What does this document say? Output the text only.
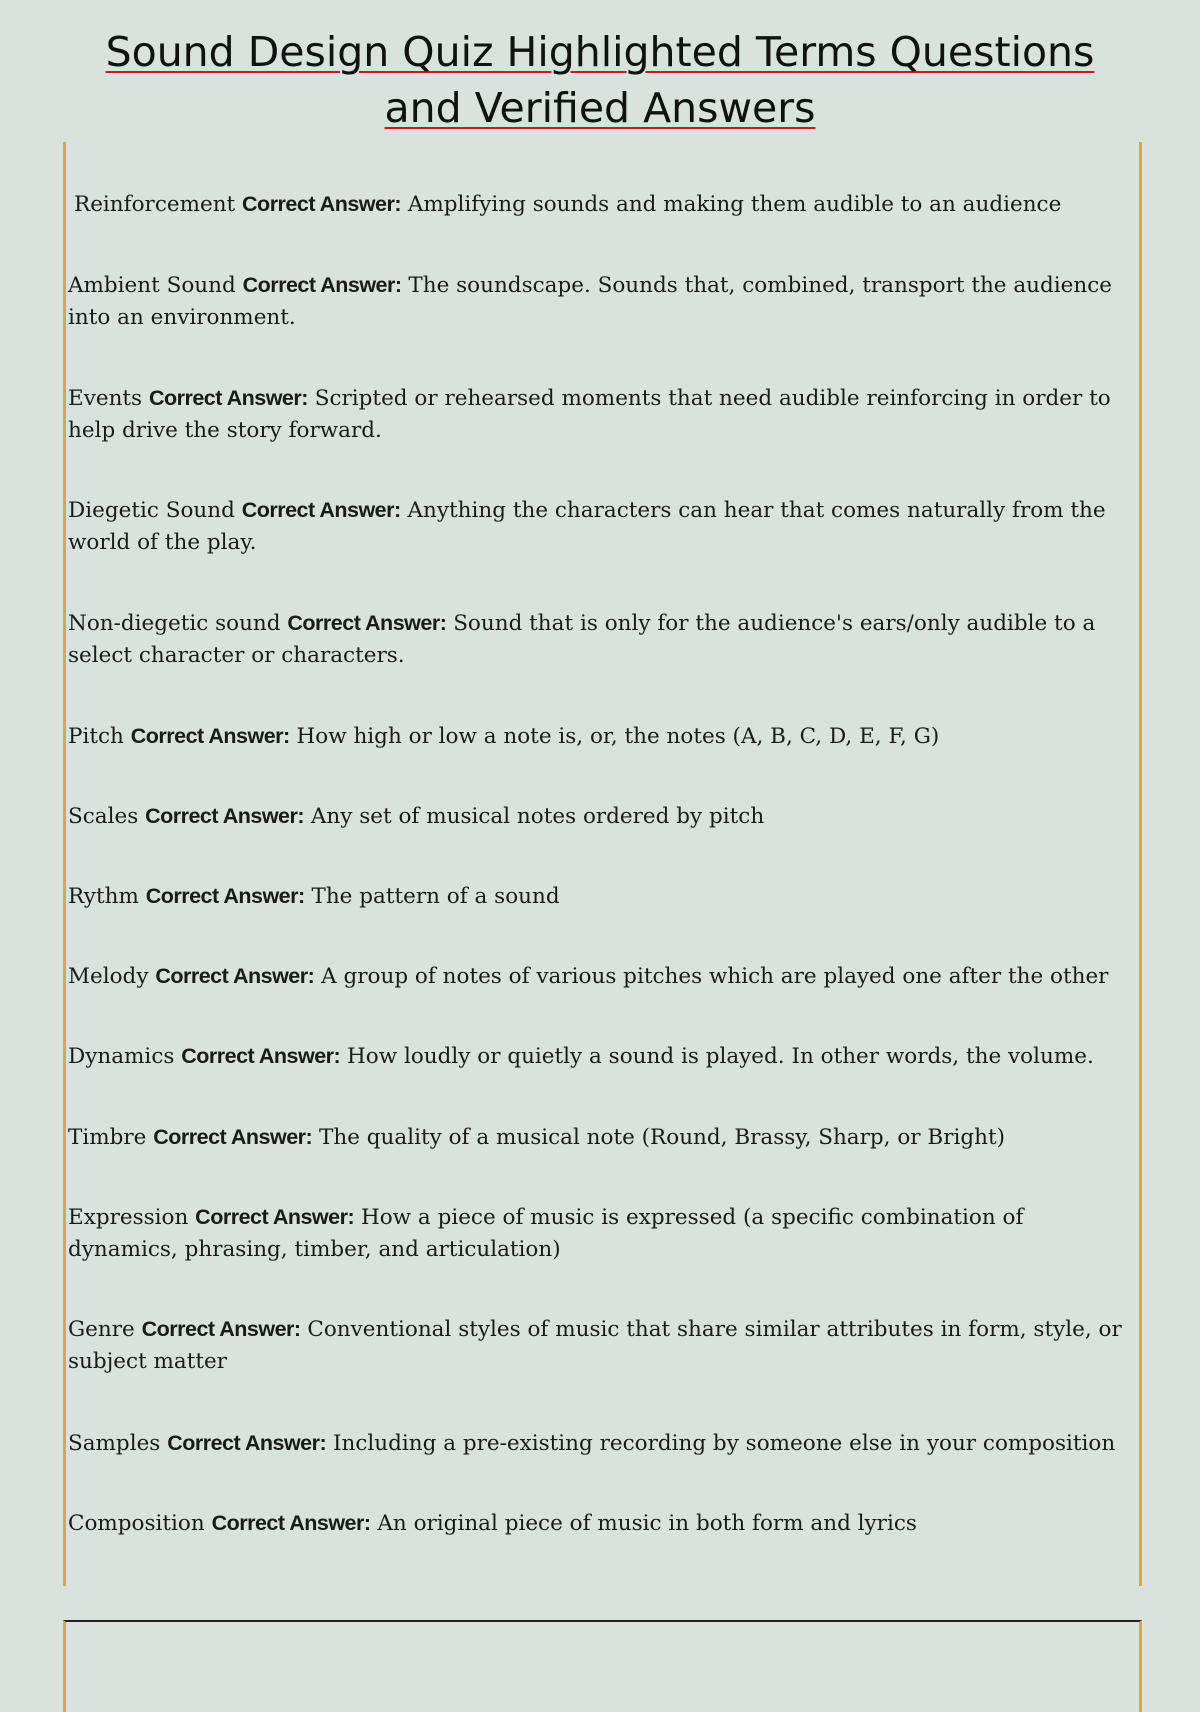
Sound Design Quiz Highlighted Terms Questions
and Verified Answers

Reinforcement Correct Answer: Amplifying sounds and making them audible to an audience

Ambient Sound Correct Answer: The soundscape. Sounds that, combined, transport the audience into an environment.

Events Correct Answer: Scripted or rehearsed moments that need audible reinforcing in order to help drive the story forward.

Diegetic Sound Correct Answer: Anything the characters can hear that comes naturally from the world of the play.

Non-diegetic sound Correct Answer: Sound that is only for the audience's ears/only audible to a select character or characters.

Pitch Correct Answer: How high or low a note is, or, the notes (A, B, C, D, E, F, G)

Scales Correct Answer: Any set of musical notes ordered by pitch

Rythm Correct Answer: The pattern of a sound

Melody Correct Answer: A group of notes of various pitches which are played one after the other

Dynamics Correct Answer: How loudly or quietly a sound is played. In other words, the volume.

Timbre Correct Answer: The quality of a musical note (Round, Brassy, Sharp, or Bright)

Expression Correct Answer: How a piece of music is expressed (a specific combination of dynamics, phrasing, timber, and articulation)

Genre Correct Answer: Conventional styles of music that share similar attributes in form, style, or subject matter

Samples Correct Answer: Including a pre-existing recording by someone else in your composition

Composition Correct Answer: An original piece of music in both form and lyrics
